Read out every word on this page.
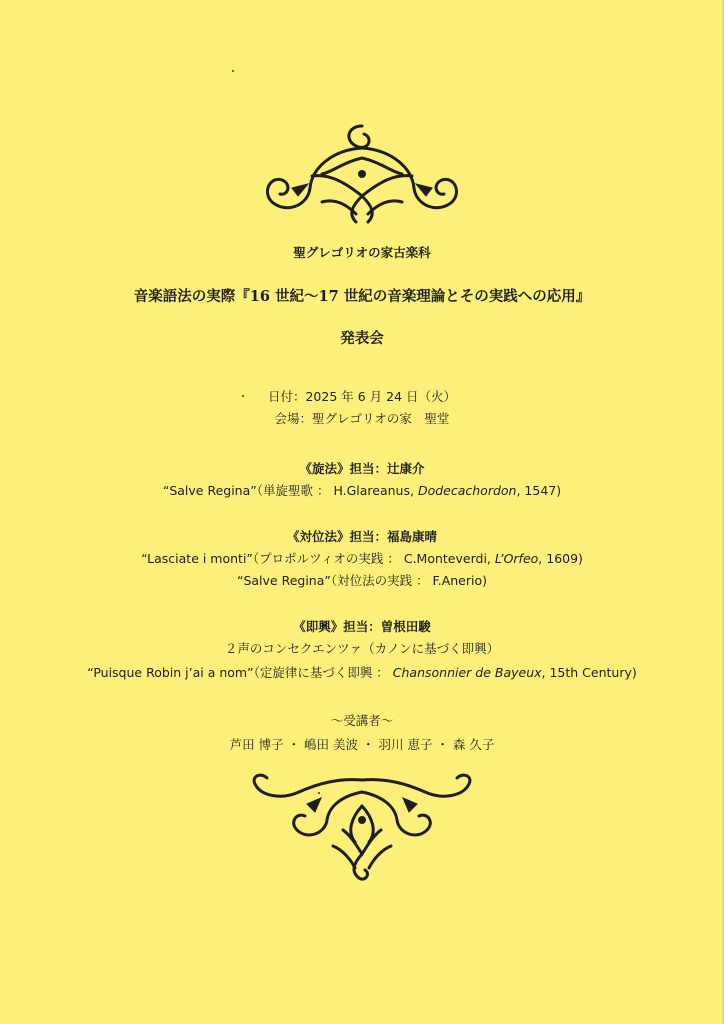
聖グレゴリオの家古楽科
音楽語法の実際『16 世紀～17 世紀の音楽理論とその実践への応用』
発表会
日付：2025 年 6 月 24 日（火）
会場：聖グレゴリオの家　聖堂
《旋法》担当：辻康介
“Salve Regina”（単旋聖歌 ： H.Glareanus, Dodecachordon, 1547)
《対位法》担当：福島康晴
“Lasciate i monti”（プロポルツィオの実践 ： C.Monteverdi, L’Orfeo, 1609)
“Salve Regina”（対位法の実践 ： F.Anerio)
《即興》担当：曽根田駿
２声のコンセクエンツァ（カノンに基づく即興）
“Puisque Robin j’ai a nom”（定旋律に基づく即興 ： Chansonnier de Bayeux, 15th Century)
～受講者～
芦田 博子 ・ 嶋田 美波 ・ 羽川 恵子 ・ 森 久子
